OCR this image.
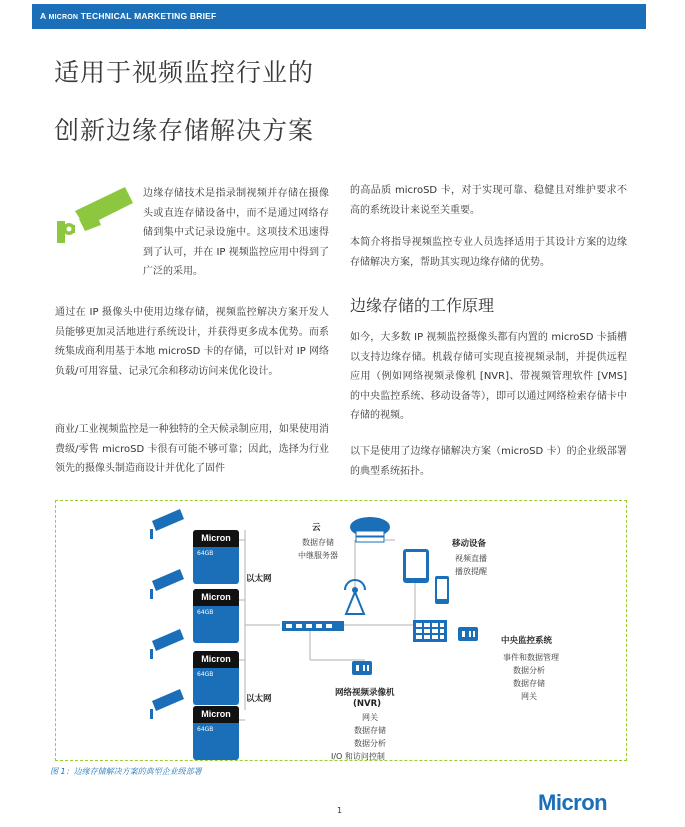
A MICRON TECHNICAL MARKETING BRIEF
适用于视频监控行业的
创新边缘存储解决方案
边缘存储技术是指录制视频并存储在摄像头或直连存储设备中，而不是通过网络存储到集中式记录设施中。这项技术迅速得到了认可，并在 IP 视频监控应用中得到了广泛的采用。
通过在 IP 摄像头中使用边缘存储，视频监控解决方案开发人员能够更加灵活地进行系统设计，并获得更多成本优势。而系统集成商利用基于本地 microSD 卡的存储，可以针对 IP 网络负载/可用容量、记录冗余和移动访问来优化设计。
商业/工业视频监控是一种独特的全天候录制应用，如果使用消费级/零售 microSD 卡很有可能不够可靠；因此，选择为行业领先的摄像头制造商设计并优化了固件
的高品质 microSD 卡，对于实现可靠、稳健且对维护要求不高的系统设计来说至关重要。
本简介将指导视频监控专业人员选择适用于其设计方案的边缘存储解决方案，帮助其实现边缘存储的优势。
边缘存储的工作原理
如今，大多数 IP 视频监控摄像头都有内置的 microSD 卡插槽以支持边缘存储。机载存储可实现直接视频录制，并提供远程应用（例如网络视频录像机 [NVR]、带视频管理软件 [VMS] 的中央监控系统、移动设备等），即可以通过网络检索存储卡中存储的视频。
以下是使用了边缘存储解决方案（microSD 卡）的企业级部署的典型系统拓扑。
Micron
64GB
Micron
64GB
Micron
64GB
Micron
64GB
以太网
以太网
云
数据存储
中继服务器
移动设备
视频直播
播放提醒
中央监控系统
事件和数据管理
数据分析
数据存储
网关
网络视频录像机
(NVR)
网关
数据存储
数据分析
I/O 和访问控制
图 1：边缘存储解决方案的典型企业级部署
1	Micron
